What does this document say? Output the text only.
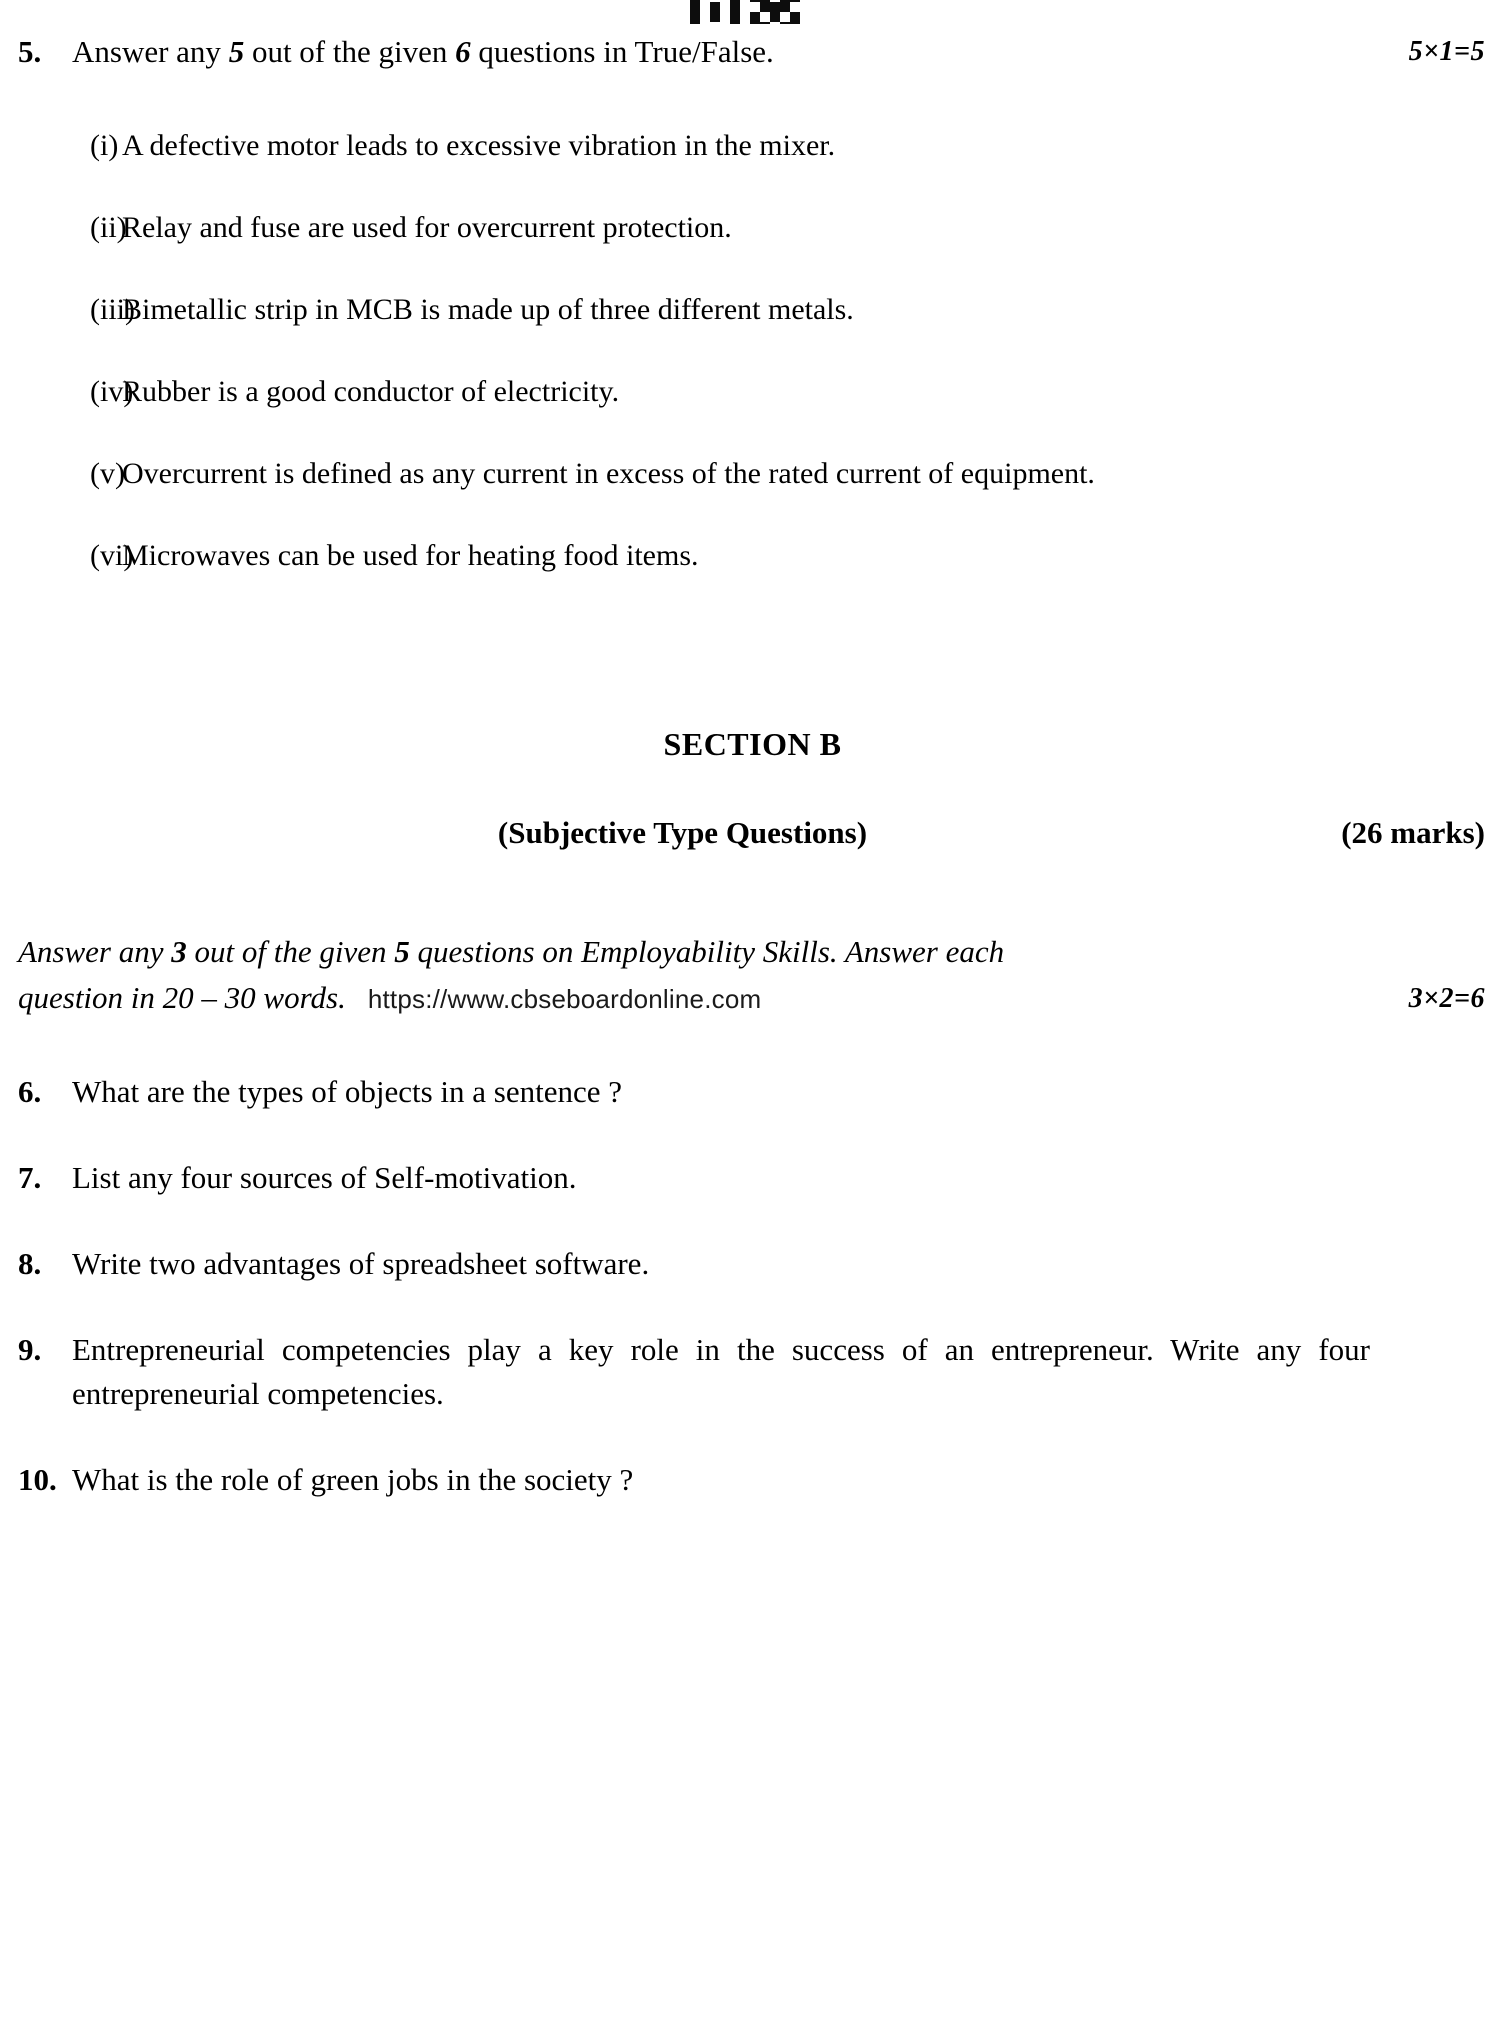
5. Answer any 5 out of the given 6 questions in True/False.	5×1=5
(i) A defective motor leads to excessive vibration in the mixer.
(ii)
Relay and fuse are used for overcurrent protection.
(iii)
Bimetallic strip in MCB is made up of three different metals.
(iv)
Rubber is a good conductor of electricity.
(v)
Overcurrent is defined as any current in excess of the rated current of equipment.
(vi)
Microwaves can be used for heating food items.
SECTION B
(Subjective Type Questions)	(26 marks)
Answer any 3 out of the given 5 questions on Employability Skills. Answer each
question in 20 – 30 words. https://www.cbseboardonline.com	3×2=6
6. What are the types of objects in a sentence ?
7. List any four sources of Self-motivation.
8. Write two advantages of spreadsheet software.
9. Entrepreneurial competencies play a key role in the success of an entrepreneur. Write any four entrepreneurial competencies.
10. What is the role of green jobs in the society ?
